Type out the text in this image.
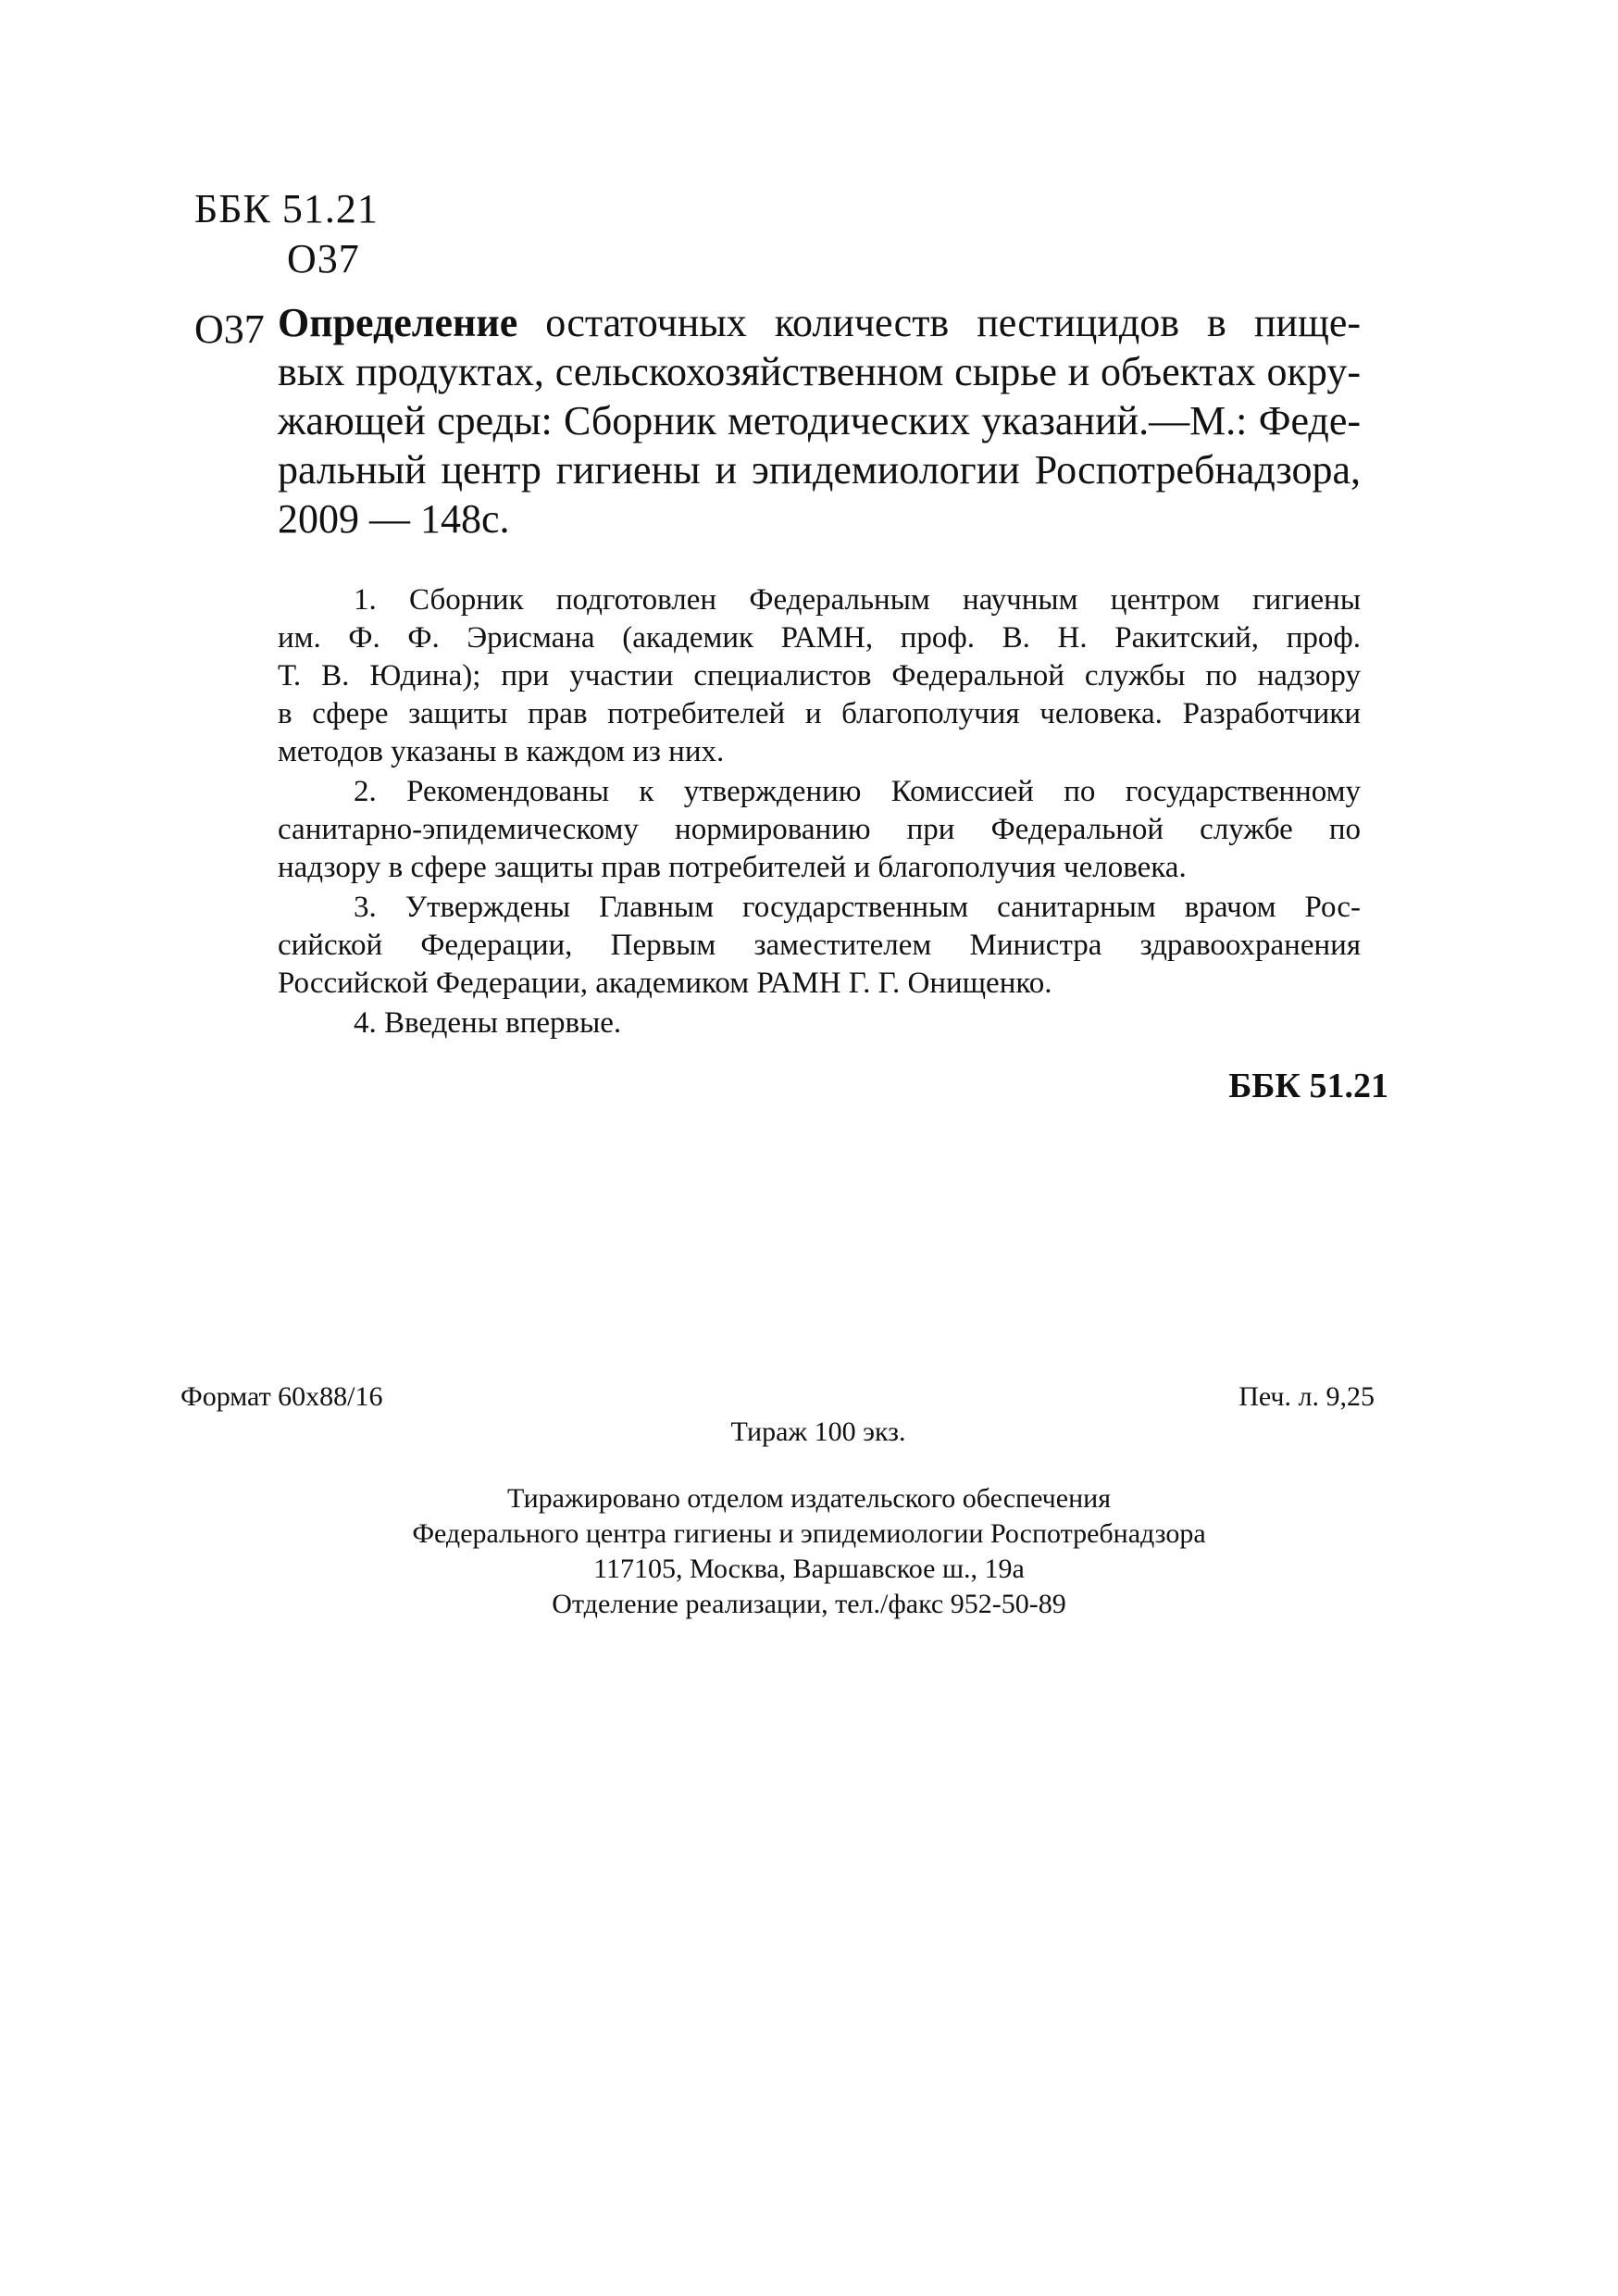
ББК 51.21
О37
О37 Определение остаточных количеств пестицидов в пище-
вых продуктах, сельскохозяйственном сырье и объектах окру-
жающей среды: Сборник методических указаний.—М.: Феде-
ральный центр гигиены и эпидемиологии Роспотребнадзора,
2009 — 148с.
1. Сборник подготовлен Федеральным научным центром гигиены
им. Ф. Ф. Эрисмана (академик РАМН, проф. В. Н. Ракитский, проф.
Т. В. Юдина); при участии специалистов Федеральной службы по надзору
в сфере защиты прав потребителей и благополучия человека. Разработчики
методов указаны в каждом из них.
2. Рекомендованы к утверждению Комиссией по государственному
санитарно-эпидемическому нормированию при Федеральной службе по
надзору в сфере защиты прав потребителей и благополучия человека.
3. Утверждены Главным государственным санитарным врачом Рос-
сийской Федерации, Первым заместителем Министра здравоохранения
Российской Федерации, академиком РАМН Г. Г. Онищенко.
4. Введены впервые.
ББК 51.21
Формат 60x88/16	Печ. л. 9,25
Тираж 100 экз.
Тиражировано отделом издательского обеспечения
Федерального центра гигиены и эпидемиологии Роспотребнадзора
117105, Москва, Варшавское ш., 19а
Отделение реализации, тел./факс 952-50-89
